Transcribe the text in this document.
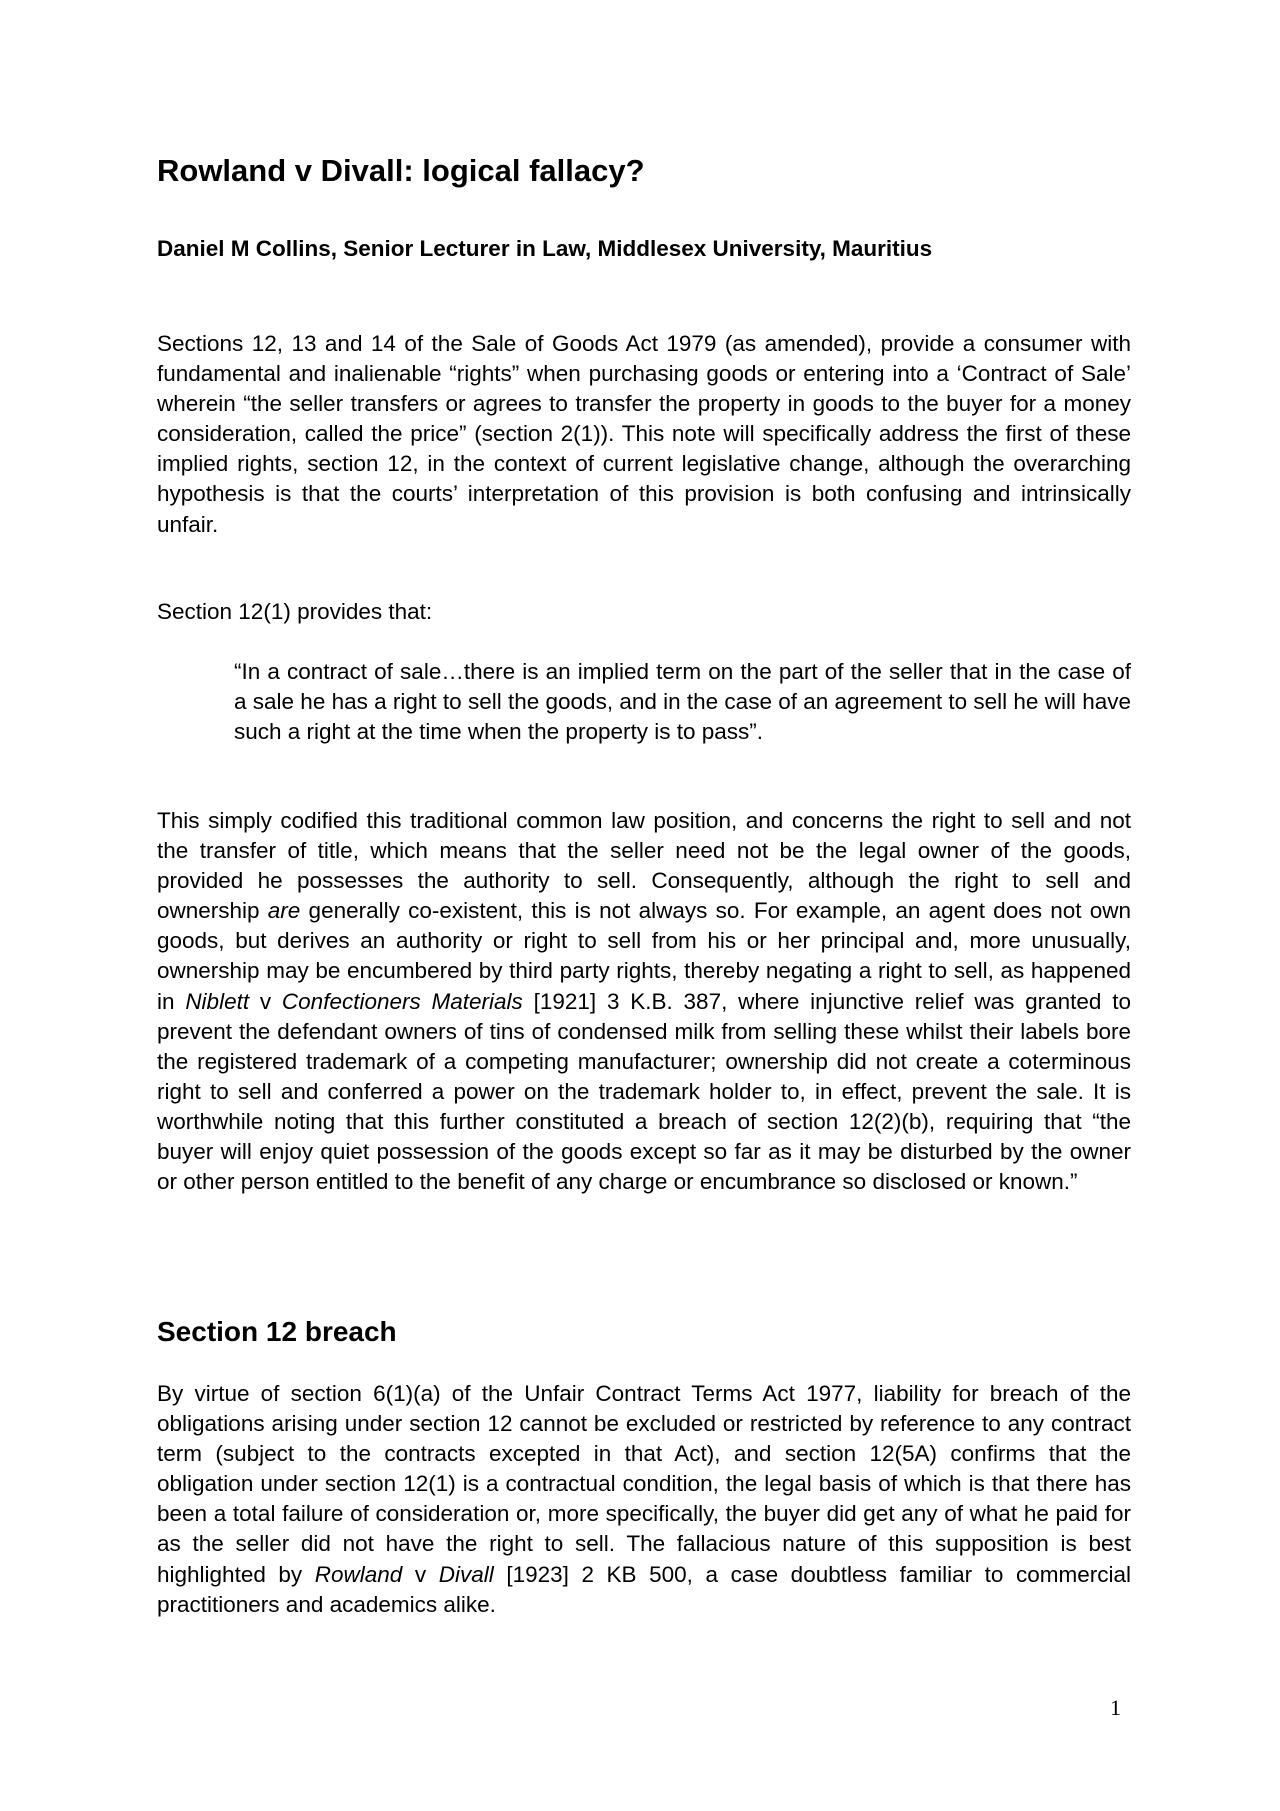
Rowland v Divall: logical fallacy?

Daniel M Collins, Senior Lecturer in Law, Middlesex University, Mauritius

Sections 12, 13 and 14 of the Sale of Goods Act 1979 (as amended), provide a consumer with fundamental and inalienable “rights” when purchasing goods or entering into a ‘Contract of Sale’ wherein “the seller transfers or agrees to transfer the property in goods to the buyer for a money consideration, called the price” (section 2(1)). This note will specifically address the first of these implied rights, section 12, in the context of current legislative change, although the overarching hypothesis is that the courts’ interpretation of this provision is both confusing and intrinsically unfair.

Section 12(1) provides that:

“In a contract of sale…there is an implied term on the part of the seller that in the case of a sale he has a right to sell the goods, and in the case of an agreement to sell he will have such a right at the time when the property is to pass”.

This simply codified this traditional common law position, and concerns the right to sell and not the transfer of title, which means that the seller need not be the legal owner of the goods, provided he possesses the authority to sell. Consequently, although the right to sell and ownership are generally co-existent, this is not always so. For example, an agent does not own goods, but derives an authority or right to sell from his or her principal and, more unusually, ownership may be encumbered by third party rights, thereby negating a right to sell, as happened in Niblett v Confectioners Materials [1921] 3 K.B. 387, where injunctive relief was granted to prevent the defendant owners of tins of condensed milk from selling these whilst their labels bore the registered trademark of a competing manufacturer; ownership did not create a coterminous right to sell and conferred a power on the trademark holder to, in effect, prevent the sale. It is worthwhile noting that this further constituted a breach of section 12(2)(b), requiring that “the buyer will enjoy quiet possession of the goods except so far as it may be disturbed by the owner or other person entitled to the benefit of any charge or encumbrance so disclosed or known.”

Section 12 breach

By virtue of section 6(1)(a) of the Unfair Contract Terms Act 1977, liability for breach of the obligations arising under section 12 cannot be excluded or restricted by reference to any contract term (subject to the contracts excepted in that Act), and section 12(5A) confirms that the obligation under section 12(1) is a contractual condition, the legal basis of which is that there has been a total failure of consideration or, more specifically, the buyer did get any of what he paid for as the seller did not have the right to sell. The fallacious nature of this supposition is best highlighted by Rowland v Divall [1923] 2 KB 500, a case doubtless familiar to commercial practitioners and academics alike.

1
